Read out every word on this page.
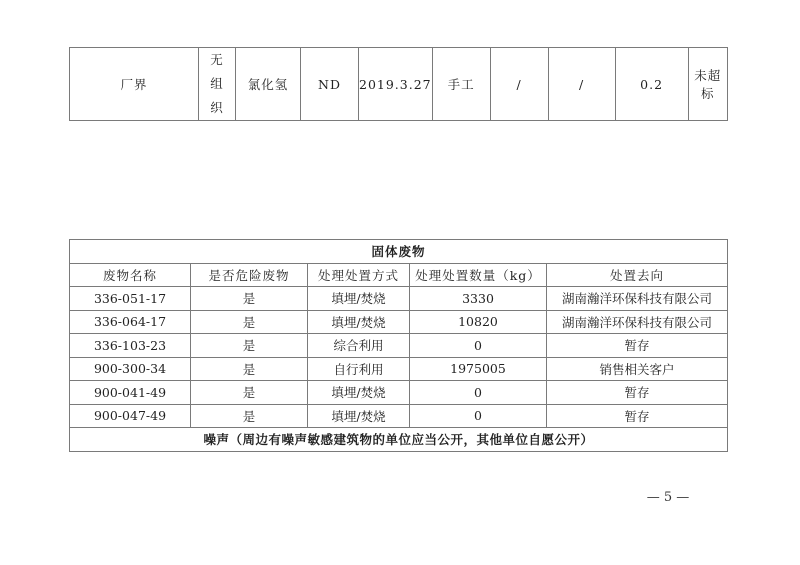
厂界	无组织	氯化氢	ND	2019.3.27	手工	/	/	0.2	未超标
固体废物				
废物名称	是否危险废物	处理处置方式	处理处置数量（kg）	处置去向
336-051-17	是	填埋/焚烧	3330	湖南瀚洋环保科技有限公司
336-064-17	是	填埋/焚烧	10820	湖南瀚洋环保科技有限公司
336-103-23	是	综合利用	0	暂存
900-300-34	是	自行利用	1975005	销售相关客户
900-041-49	是	填埋/焚烧	0	暂存
900-047-49	是	填埋/焚烧	0	暂存
噪声（周边有噪声敏感建筑物的单位应当公开，其他单位自愿公开）				
— 5 —
